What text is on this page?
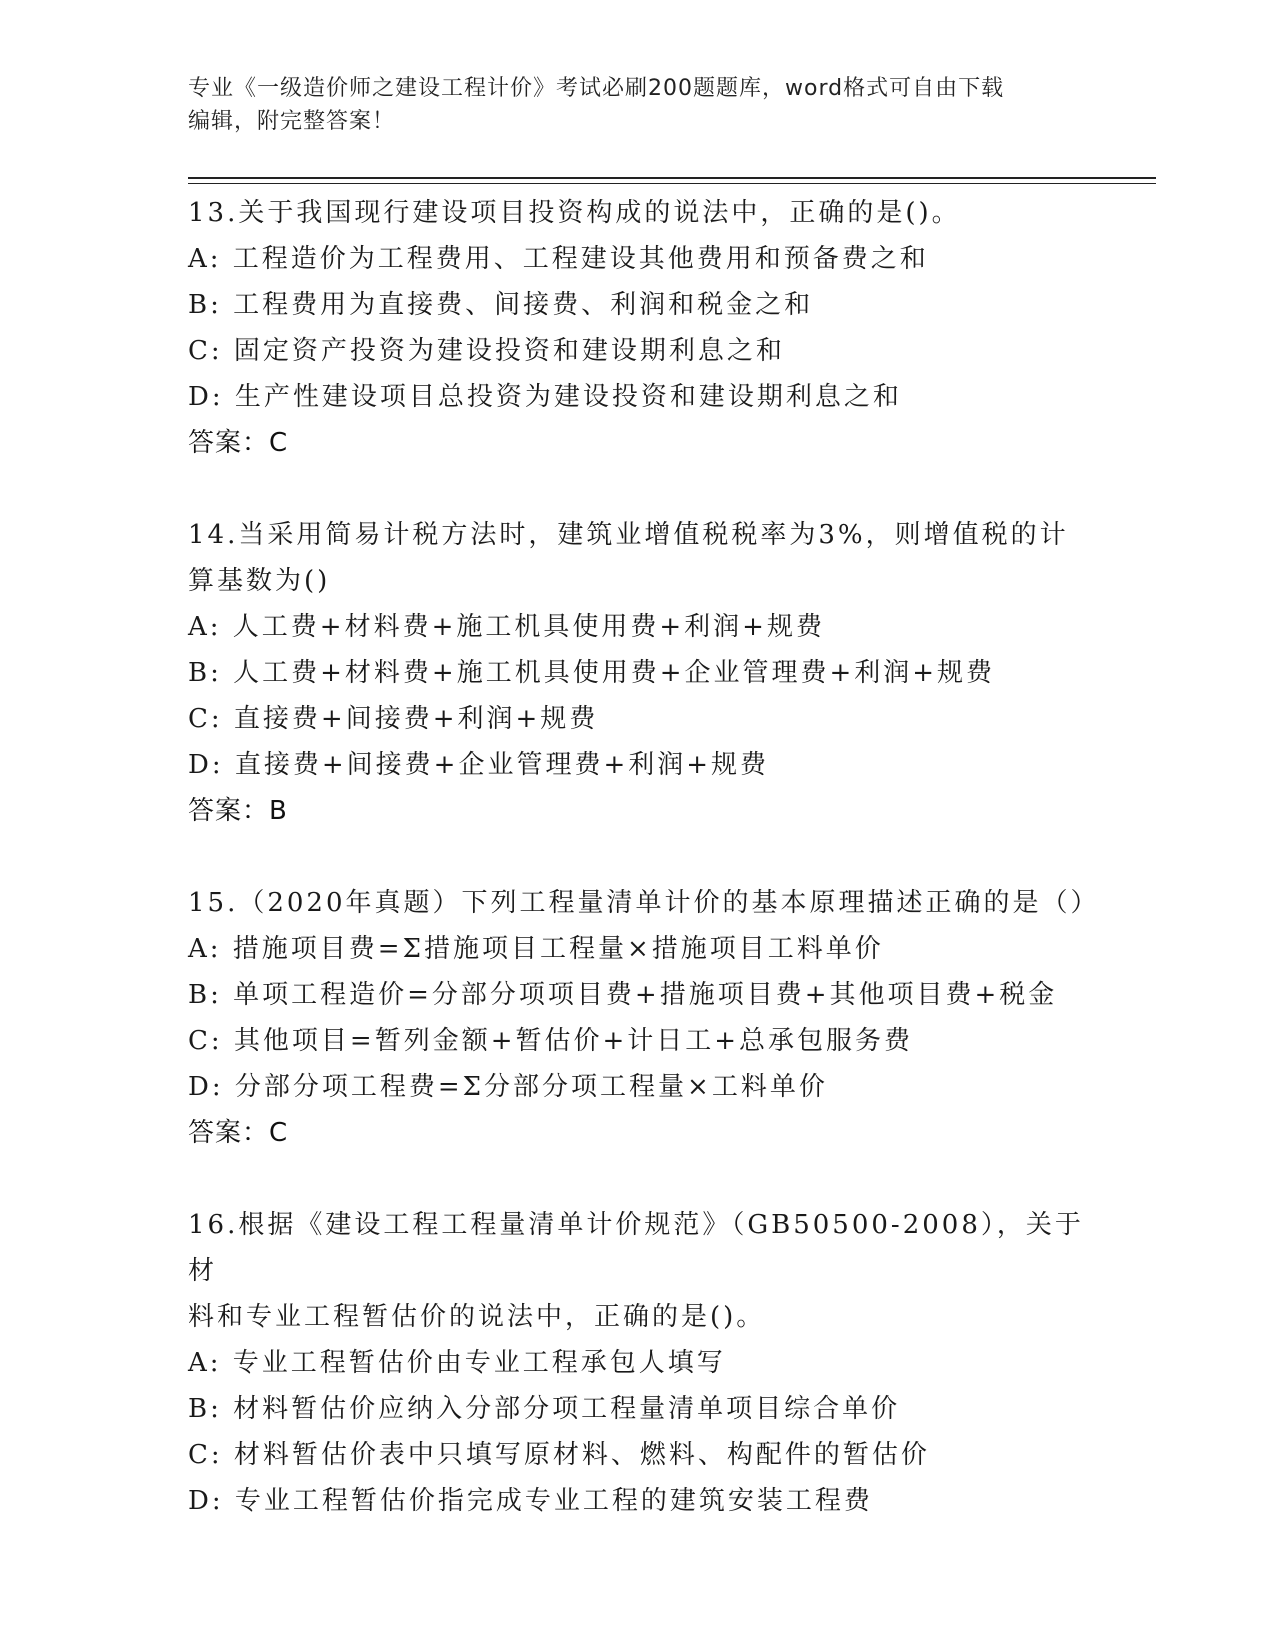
专业《一级造价师之建设工程计价》考试必刷200题题库，word格式可自由下载
编辑，附完整答案！

13.关于我国现行建设项目投资构成的说法中，正确的是()。

A: 工程造价为工程费用、工程建设其他费用和预备费之和

B: 工程费用为直接费、间接费、利润和税金之和

C: 固定资产投资为建设投资和建设期利息之和

D: 生产性建设项目总投资为建设投资和建设期利息之和

答案：C

14.当采用简易计税方法时，建筑业增值税税率为3%，则增值税的计

算基数为()

A: 人工费+材料费+施工机具使用费+利润+规费

B: 人工费+材料费+施工机具使用费+企业管理费+利润+规费

C: 直接费+间接费+利润+规费

D: 直接费+间接费+企业管理费+利润+规费

答案：B

15.（2020年真题）下列工程量清单计价的基本原理描述正确的是（）

A: 措施项目费=Σ措施项目工程量×措施项目工料单价

B: 单项工程造价=分部分项项目费+措施项目费+其他项目费+税金

C: 其他项目=暂列金额+暂估价+计日工+总承包服务费

D: 分部分项工程费=Σ分部分项工程量×工料单价

答案：C

16.根据《建设工程工程量清单计价规范》（GB50500-2008），关于材

料和专业工程暂估价的说法中，正确的是()。

A: 专业工程暂估价由专业工程承包人填写

B: 材料暂估价应纳入分部分项工程量清单项目综合单价

C: 材料暂估价表中只填写原材料、燃料、构配件的暂估价

D: 专业工程暂估价指完成专业工程的建筑安装工程费
